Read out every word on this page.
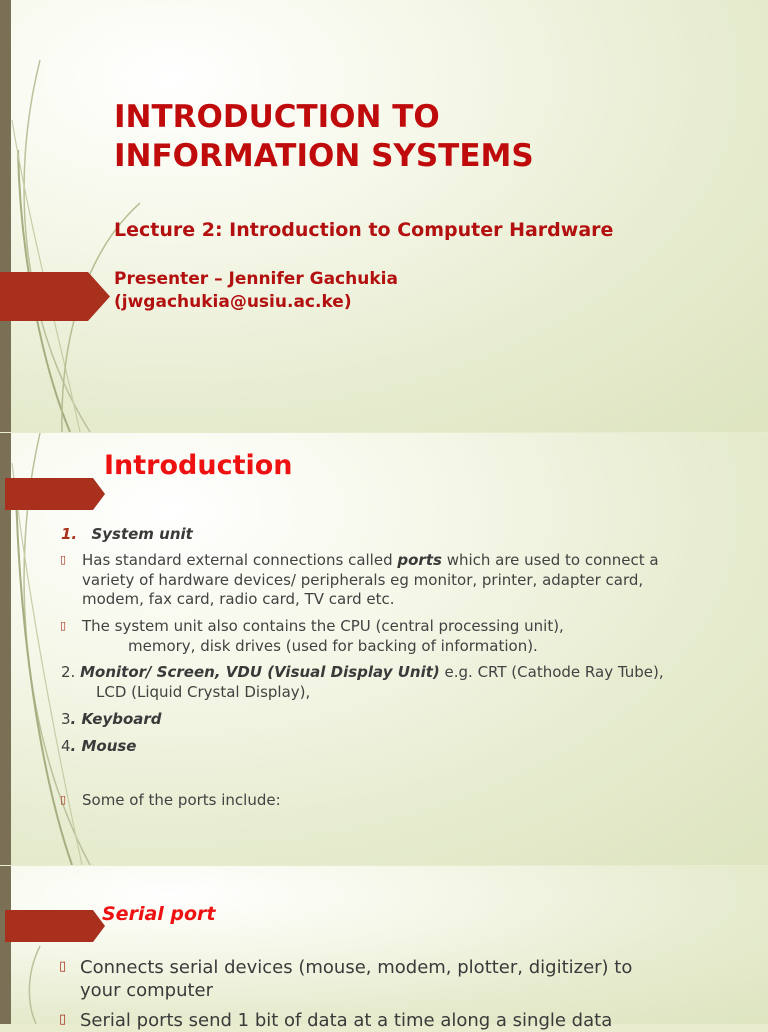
INTRODUCTION TO
INFORMATION SYSTEMS
Lecture 2: Introduction to Computer Hardware
Presenter – Jennifer Gachukia
(jwgachukia@usiu.ac.ke)
Introduction
1. System unit
▯ Has standard external connections called ports which are used to connect a
variety of hardware devices/ peripherals eg monitor, printer, adapter card,
modem, fax card, radio card, TV card etc.
▯ The system unit also contains the CPU (central processing unit),
memory, disk drives (used for backing of information).
2. Monitor/ Screen, VDU (Visual Display Unit) e.g. CRT (Cathode Ray Tube),
LCD (Liquid Crystal Display),
3. Keyboard
4. Mouse
▯ Some of the ports include:
Serial port
▯ Connects serial devices (mouse, modem, plotter, digitizer) to
your computer
▯ Serial ports send 1 bit of data at a time along a single data
